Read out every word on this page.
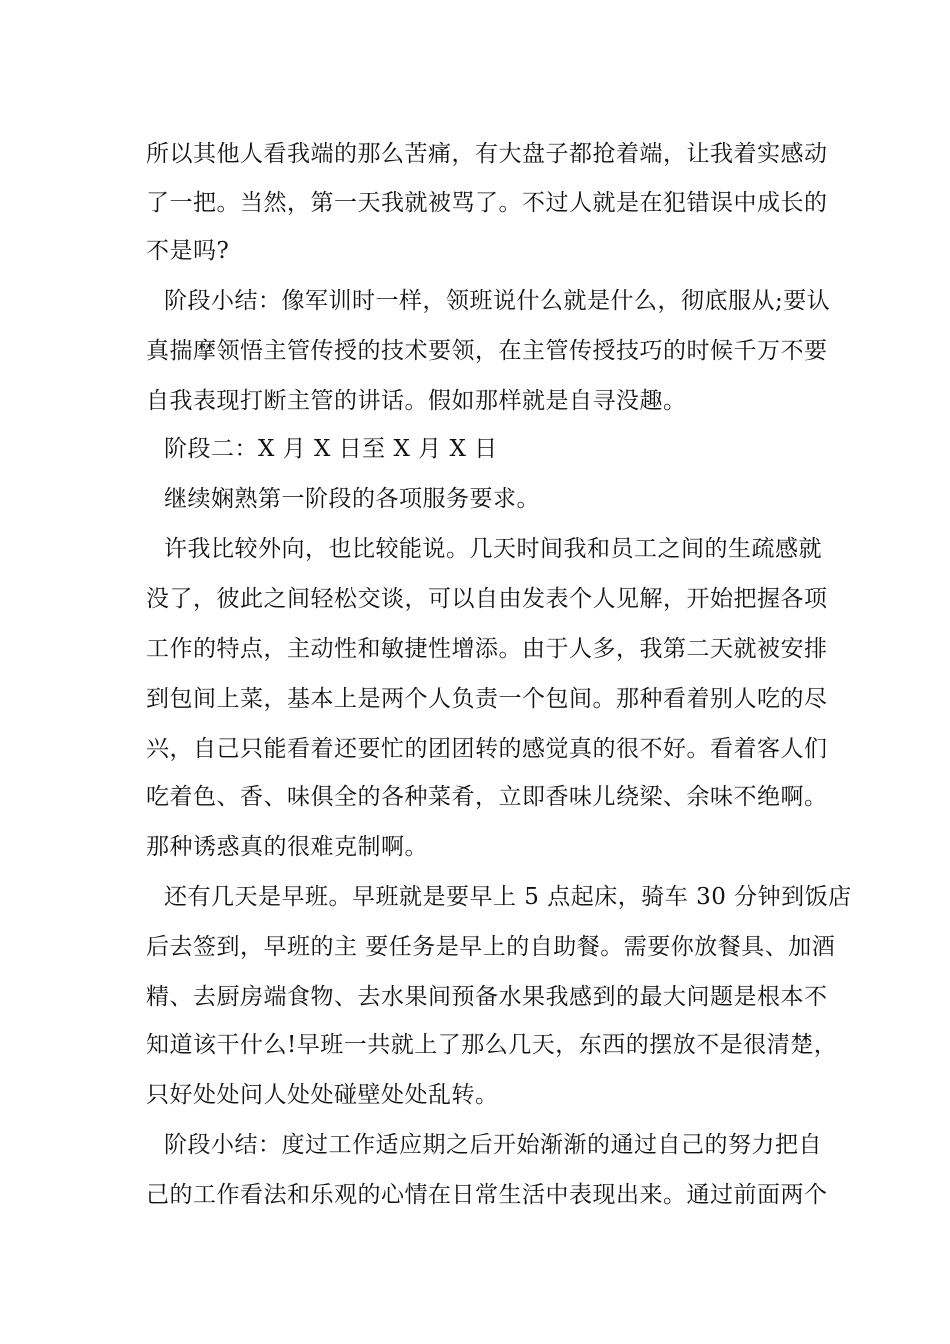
所以其他人看我端的那么苦痛，有大盘子都抢着端，让我着实感动
了一把。当然，第一天我就被骂了。不过人就是在犯错误中成长的
不是吗?
阶段小结：像军训时一样，领班说什么就是什么，彻底服从;要认
真揣摩领悟主管传授的技术要领，在主管传授技巧的时候千万不要
自我表现打断主管的讲话。假如那样就是自寻没趣。
阶段二：X 月 X 日至 X 月 X 日
继续娴熟第一阶段的各项服务要求。
许我比较外向，也比较能说。几天时间我和员工之间的生疏感就
没了，彼此之间轻松交谈，可以自由发表个人见解，开始把握各项
工作的特点，主动性和敏捷性增添。由于人多，我第二天就被安排
到包间上菜，基本上是两个人负责一个包间。那种看着别人吃的尽
兴，自己只能看着还要忙的团团转的感觉真的很不好。看着客人们
吃着色、香、味俱全的各种菜肴，立即香味儿绕梁、余味不绝啊。
那种诱惑真的很难克制啊。
还有几天是早班。早班就是要早上 5 点起床，骑车 30 分钟到饭店
后去签到，早班的主 要任务是早上的自助餐。需要你放餐具、加酒
精、去厨房端食物、去水果间预备水果我感到的最大问题是根本不
知道该干什么!早班一共就上了那么几天，东西的摆放不是很清楚，
只好处处问人处处碰壁处处乱转。
阶段小结：度过工作适应期之后开始渐渐的通过自己的努力把自
己的工作看法和乐观的心情在日常生活中表现出来。通过前面两个
